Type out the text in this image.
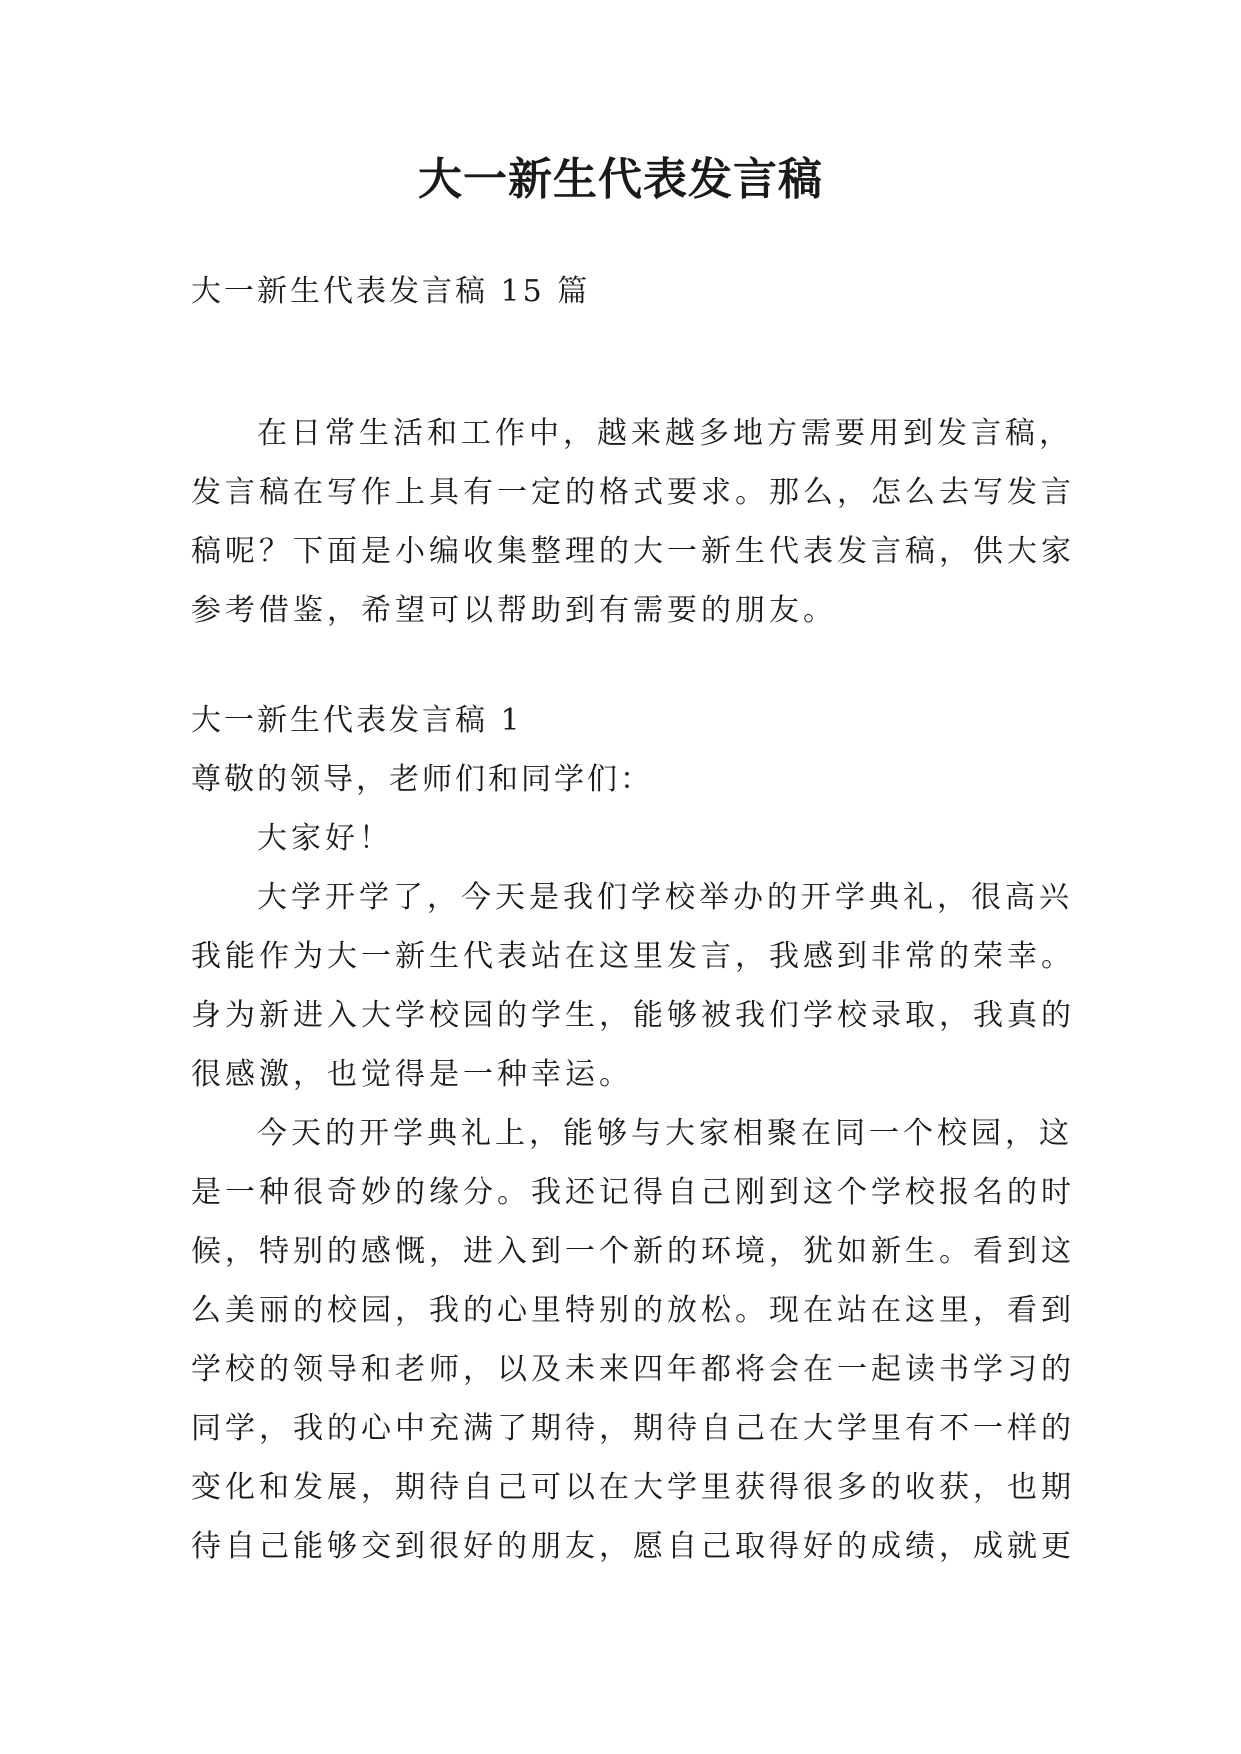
大一新生代表发言稿

大一新生代表发言稿 15 篇

在日常生活和工作中，越来越多地方需要用到发言稿，
发言稿在写作上具有一定的格式要求。那么，怎么去写发言
稿呢？下面是小编收集整理的大一新生代表发言稿，供大家
参考借鉴，希望可以帮助到有需要的朋友。

大一新生代表发言稿 1

尊敬的领导，老师们和同学们：

大家好！

大学开学了，今天是我们学校举办的开学典礼，很高兴
我能作为大一新生代表站在这里发言，我感到非常的荣幸。
身为新进入大学校园的学生，能够被我们学校录取，我真的
很感激，也觉得是一种幸运。
今天的开学典礼上，能够与大家相聚在同一个校园，这
是一种很奇妙的缘分。我还记得自己刚到这个学校报名的时
候，特别的感慨，进入到一个新的环境，犹如新生。看到这
么美丽的校园，我的心里特别的放松。现在站在这里，看到
学校的领导和老师，以及未来四年都将会在一起读书学习的
同学，我的心中充满了期待，期待自己在大学里有不一样的
变化和发展，期待自己可以在大学里获得很多的收获，也期
待自己能够交到很好的朋友，愿自己取得好的成绩，成就更
